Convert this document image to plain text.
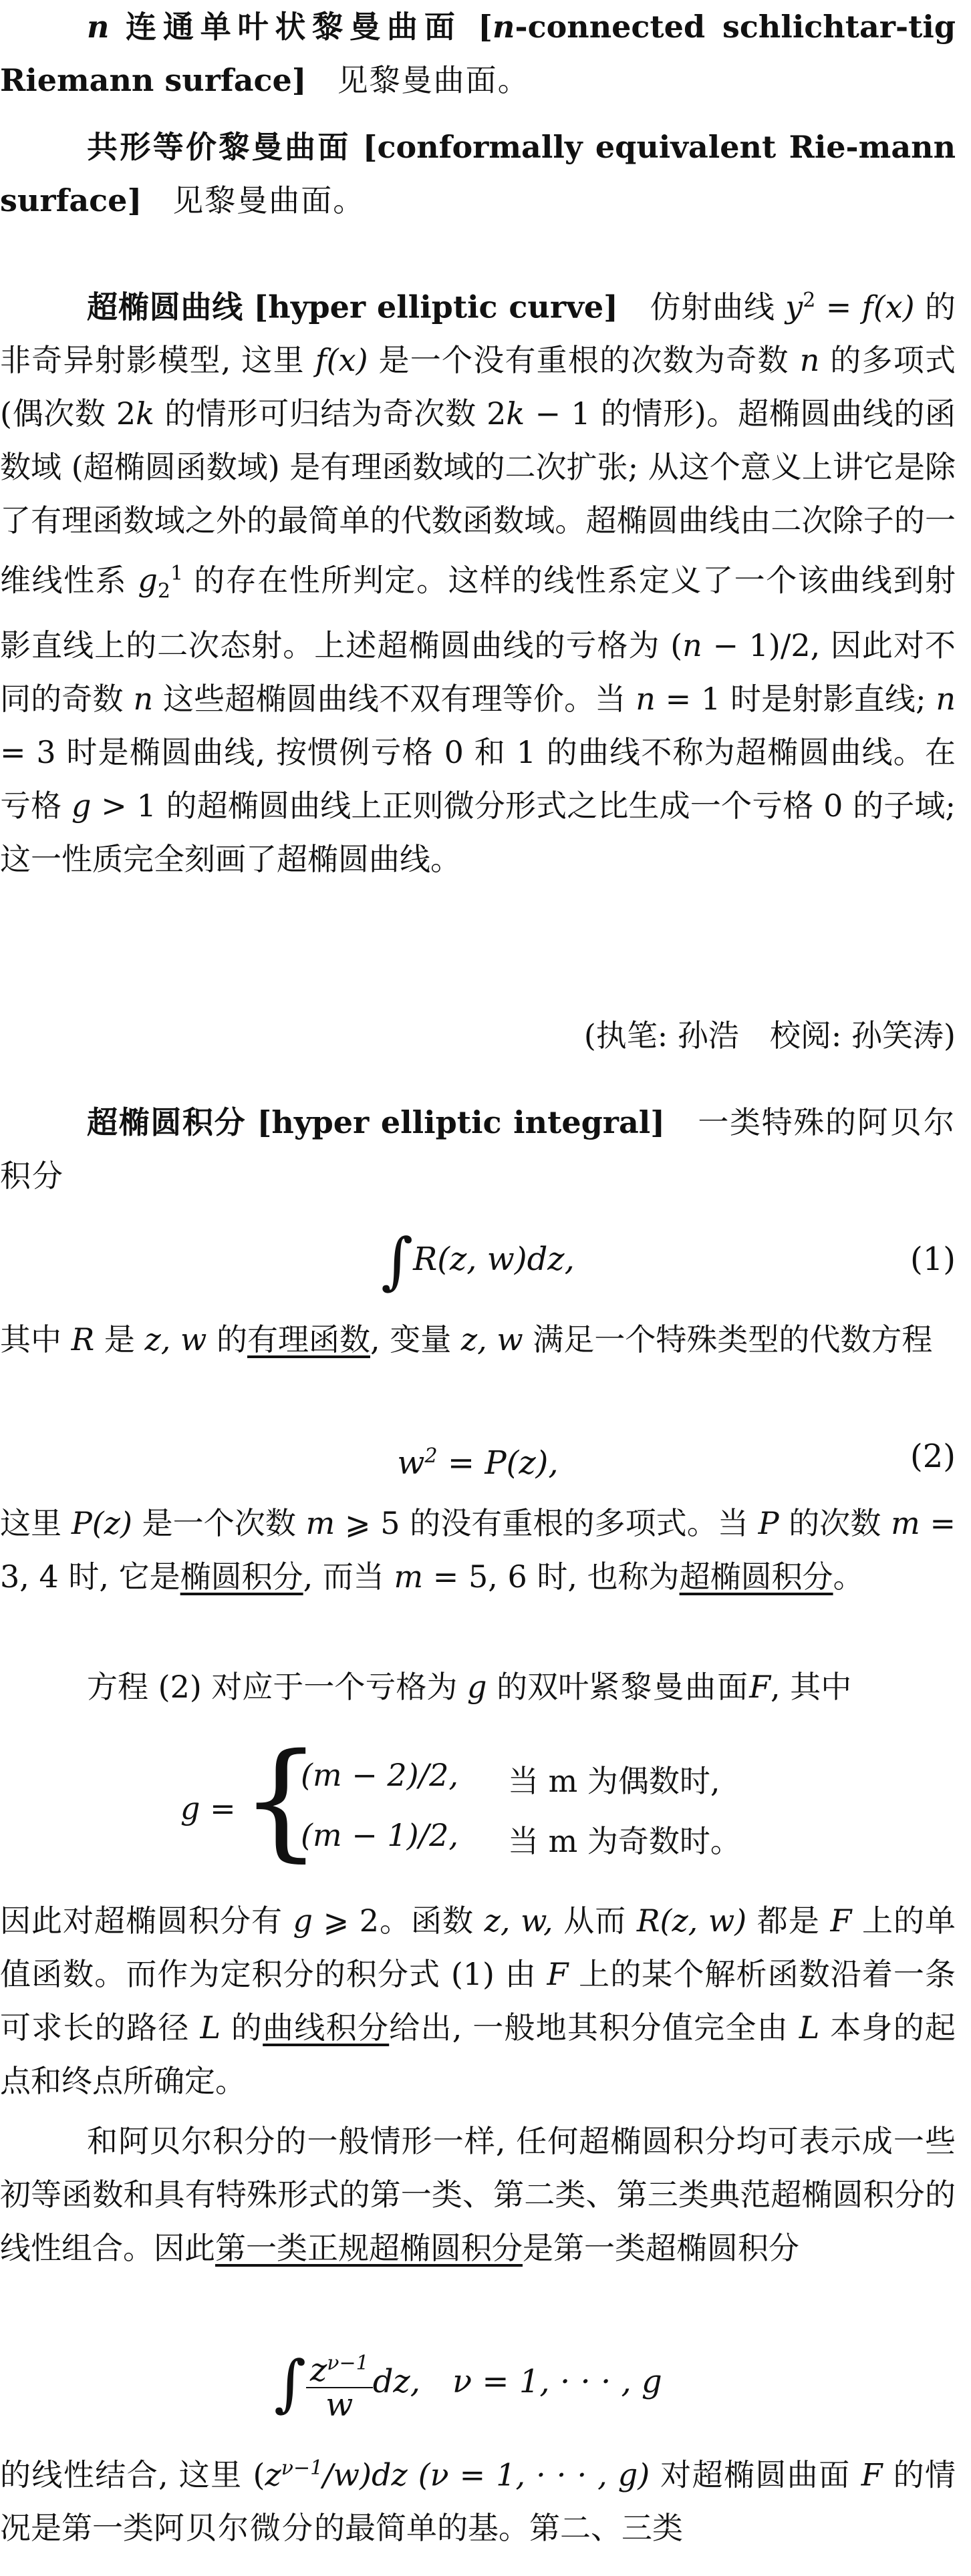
n 连通单叶状黎曼曲面 [n-connected schlichtar-tig Riemann surface]　 见黎曼曲面。

共形等价黎曼曲面 [conformally equivalent Rie-mann surface]　 见黎曼曲面。

超椭圆曲线 [hyper elliptic curve]　 仿射曲线 $y^2 = f(x)$ 的非奇异射影模型, 这里 f(x) 是一个没有重根的次数为奇数 n 的多项式 (偶次数 2k 的情形可归结为奇次数 2k − 1 的情形)。超椭圆曲线的函数域 (超椭圆函数域) 是有理函数域的二次扩张; 从这个意义上讲它是除了有理函数域之外的最简单的代数函数域。超椭圆曲线由二次除子的一维线性系 $g_2^1$ 的存在性所判定。这样的线性系定义了一个该曲线到射影直线上的二次态射。上述超椭圆曲线的亏格为 (n − 1)/2, 因此对不同的奇数 n 这些超椭圆曲线不双有理等价。当 n = 1 时是射影直线; n = 3 时是椭圆曲线, 按惯例亏格 0 和 1 的曲线不称为超椭圆曲线。在亏格 g > 1 的超椭圆曲线上正则微分形式之比生成一个亏格 0 的子域; 这一性质完全刻画了超椭圆曲线。

(执笔: 孙浩　校阅: 孙笑涛)

超椭圆积分 [hyper elliptic integral]　 一类特殊的阿贝尔积分

∫R(z, w)dz,	(1)

其中 R 是 z, w 的有理函数, 变量 z, w 满足一个特殊类型的代数方程

$w^2 = P(z)$,	(2)

这里 P(z) 是一个次数 m ⩾ 5 的没有重根的多项式。当 P 的次数 m = 3, 4 时, 它是椭圆积分, 而当 m = 5, 6 时, 也称为超椭圆积分。

方程 (2) 对应于一个亏格为 g 的双叶紧黎曼曲面F, 其中

g = {
(m − 2)/2, 当 m 为偶数时,
(m − 1)/2, 当 m 为奇数时。

因此对超椭圆积分有 g ⩾ 2。函数 z, w, 从而 R(z, w) 都是 F 上的单值函数。而作为定积分的积分式 (1) 由 F 上的某个解析函数沿着一条可求长的路径 L 的曲线积分给出, 一般地其积分值完全由 L 本身的起点和终点所确定。

和阿贝尔积分的一般情形一样, 任何超椭圆积分均可表示成一些初等函数和具有特殊形式的第一类、第二类、第三类典范超椭圆积分的线性组合。因此第一类正规超椭圆积分是第一类超椭圆积分

∫ $\frac{z^{\nu-1}}{w}$ dz,　ν = 1, · · · , g

的线性结合, 这里 $(z^{\nu-1}/w)dz$ (ν = 1, · · · , g) 对超椭圆曲面 F 的情况是第一类阿贝尔微分的最简单的基。第二、三类
